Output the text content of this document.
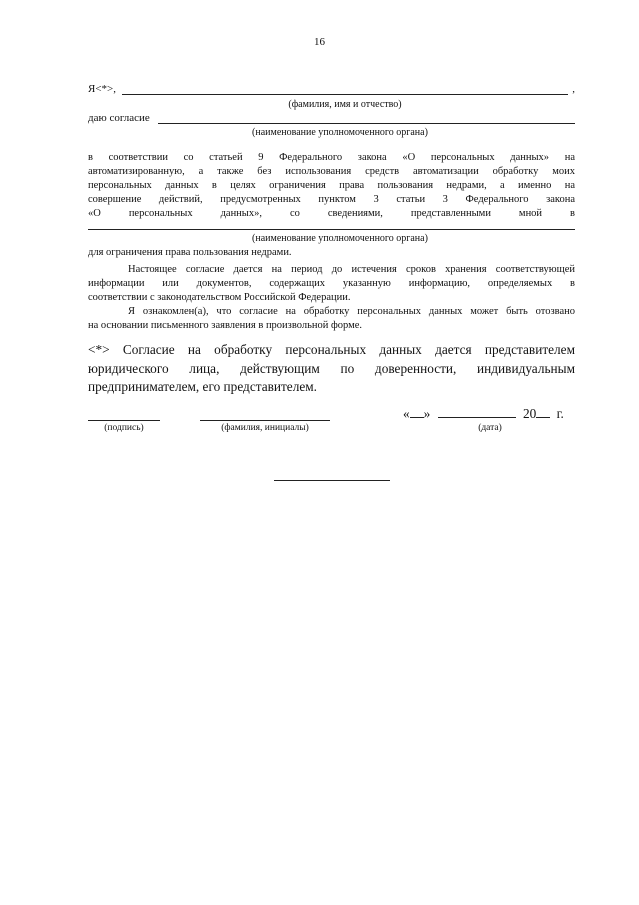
16
Я<*>,	,
(фамилия, имя и отчество)
даю согласие
(наименование уполномоченного органа)
в соответствии со статьей 9 Федерального закона «О персональных данных» на
автоматизированную, а также без использования средств автоматизации обработку моих
персональных данных в целях ограничения права пользования недрами, а именно на
совершение действий, предусмотренных пунктом 3 статьи 3 Федерального закона
«О персональных данных», со сведениями, представленными мной в
(наименование уполномоченного органа)
для ограничения права пользования недрами.
Настоящее согласие дается на период до истечения сроков хранения соответствующей
информации или документов, содержащих указанную информацию, определяемых в
соответствии с законодательством Российской Федерации.
Я ознакомлен(а), что согласие на обработку персональных данных может быть отозвано
на основании письменного заявления в произвольной форме.
<*> Согласие на обработку персональных данных дается представителем
юридического лица, действующим по доверенности, индивидуальным
предпринимателем, его представителем.
(подпись)	(фамилия, инициалы)
« »	20 г.
(дата)
